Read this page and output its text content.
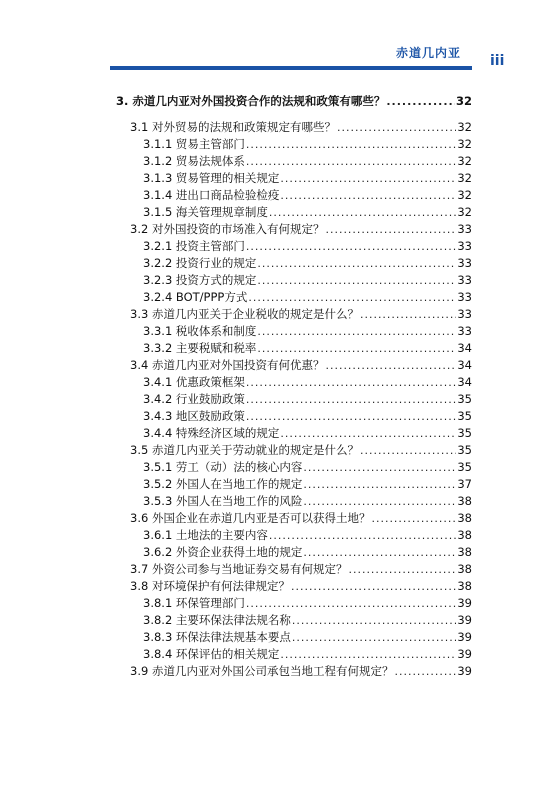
赤道几内亚 iii
3. 赤道几内亚对外国投资合作的法规和政策有哪些？ .....	32
3.1 对外贸易的法规和政策规定有哪些？ .....	32
3.1.1 贸易主管部门 .....	32
3.1.2 贸易法规体系 .....	32
3.1.3 贸易管理的相关规定 .....	32
3.1.4 进出口商品检验检疫 .....	32
3.1.5 海关管理规章制度 .....	32
3.2 对外国投资的市场准入有何规定？ .....	33
3.2.1 投资主管部门 .....	33
3.2.2 投资行业的规定 .....	33
3.2.3 投资方式的规定 .....	33
3.2.4 BOT/PPP方式 .....	33
3.3 赤道几内亚关于企业税收的规定是什么？ .....	33
3.3.1 税收体系和制度 .....	33
3.3.2 主要税赋和税率 .....	34
3.4 赤道几内亚对外国投资有何优惠？ .....	34
3.4.1 优惠政策框架 .....	34
3.4.2 行业鼓励政策 .....	35
3.4.3 地区鼓励政策 .....	35
3.4.4 特殊经济区域的规定 .....	35
3.5 赤道几内亚关于劳动就业的规定是什么？ .....	35
3.5.1 劳工（动）法的核心内容 .....	35
3.5.2 外国人在当地工作的规定 .....	37
3.5.3 外国人在当地工作的风险 .....	38
3.6 外国企业在赤道几内亚是否可以获得土地？ .....	38
3.6.1 土地法的主要内容 .....	38
3.6.2 外资企业获得土地的规定 .....	38
3.7 外资公司参与当地证券交易有何规定？ .....	38
3.8 对环境保护有何法律规定？ .....	38
3.8.1 环保管理部门 .....	39
3.8.2 主要环保法律法规名称 .....	39
3.8.3 环保法律法规基本要点 .....	39
3.8.4 环保评估的相关规定 .....	39
3.9 赤道几内亚对外国公司承包当地工程有何规定？ .....	39
